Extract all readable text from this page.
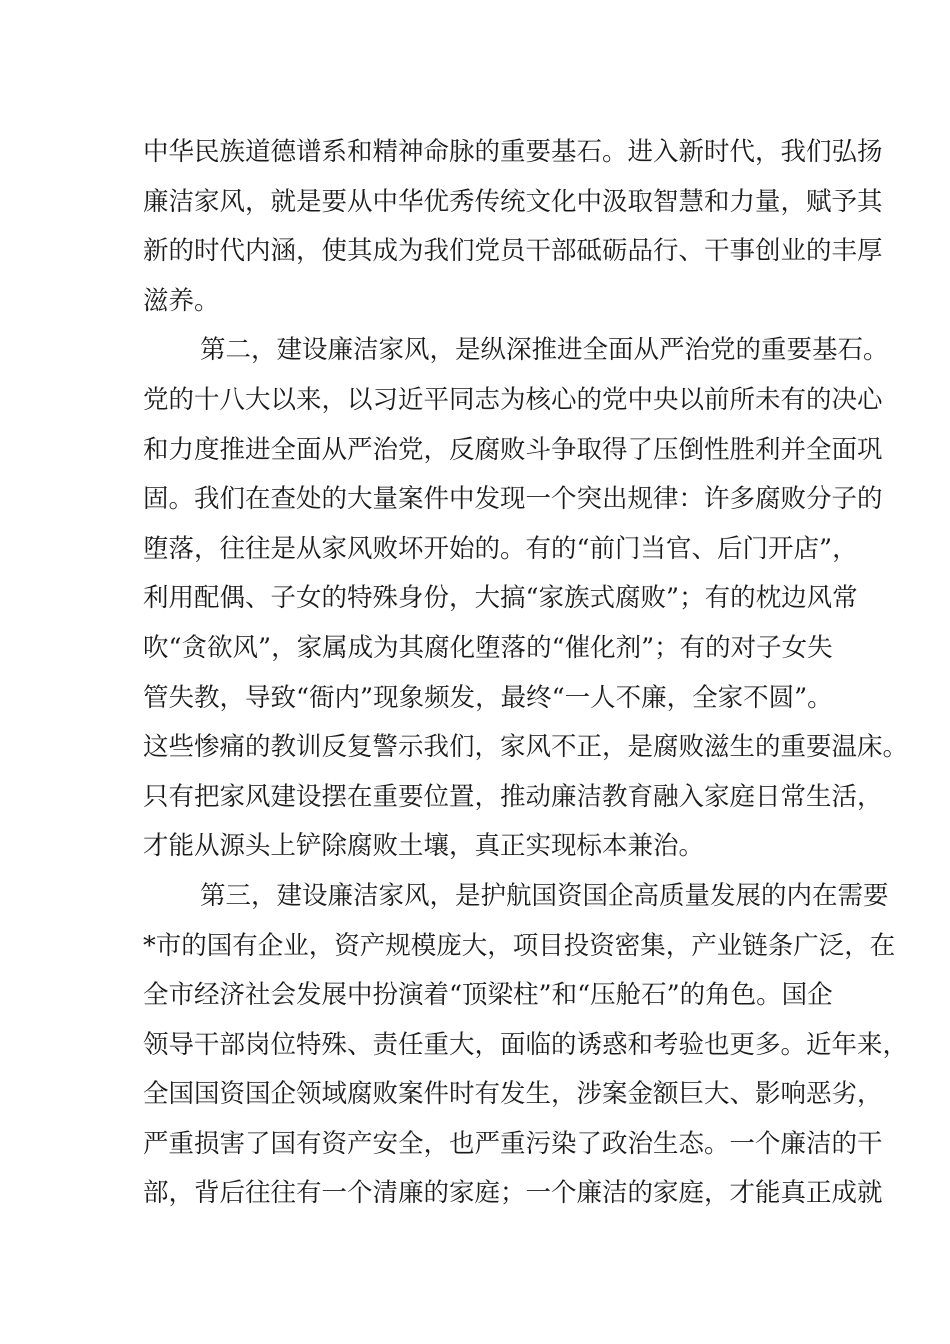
中华民族道德谱系和精神命脉的重要基石。进入新时代，我们弘扬
廉洁家风，就是要从中华优秀传统文化中汲取智慧和力量，赋予其
新的时代内涵，使其成为我们党员干部砥砺品行、干事创业的丰厚
滋养。
第二，建设廉洁家风，是纵深推进全面从严治党的重要基石。
党的十八大以来，以习近平同志为核心的党中央以前所未有的决心
和力度推进全面从严治党，反腐败斗争取得了压倒性胜利并全面巩
固。我们在查处的大量案件中发现一个突出规律：许多腐败分子的
堕落，往往是从家风败坏开始的。有的“前门当官、后门开店”，
利用配偶、子女的特殊身份，大搞“家族式腐败”；有的枕边风常
吹“贪欲风”，家属成为其腐化堕落的“催化剂”；有的对子女失
管失教，导致“衙内”现象频发，最终“一人不廉，全家不圆”。
这些惨痛的教训反复警示我们，家风不正，是腐败滋生的重要温床。
只有把家风建设摆在重要位置，推动廉洁教育融入家庭日常生活，
才能从源头上铲除腐败土壤，真正实现标本兼治。
第三，建设廉洁家风，是护航国资国企高质量发展的内在需要
*市的国有企业，资产规模庞大，项目投资密集，产业链条广泛，在
全市经济社会发展中扮演着“顶梁柱”和“压舱石”的角色。国企
领导干部岗位特殊、责任重大，面临的诱惑和考验也更多。近年来，
全国国资国企领域腐败案件时有发生，涉案金额巨大、影响恶劣，
严重损害了国有资产安全，也严重污染了政治生态。一个廉洁的干
部，背后往往有一个清廉的家庭；一个廉洁的家庭，才能真正成就
